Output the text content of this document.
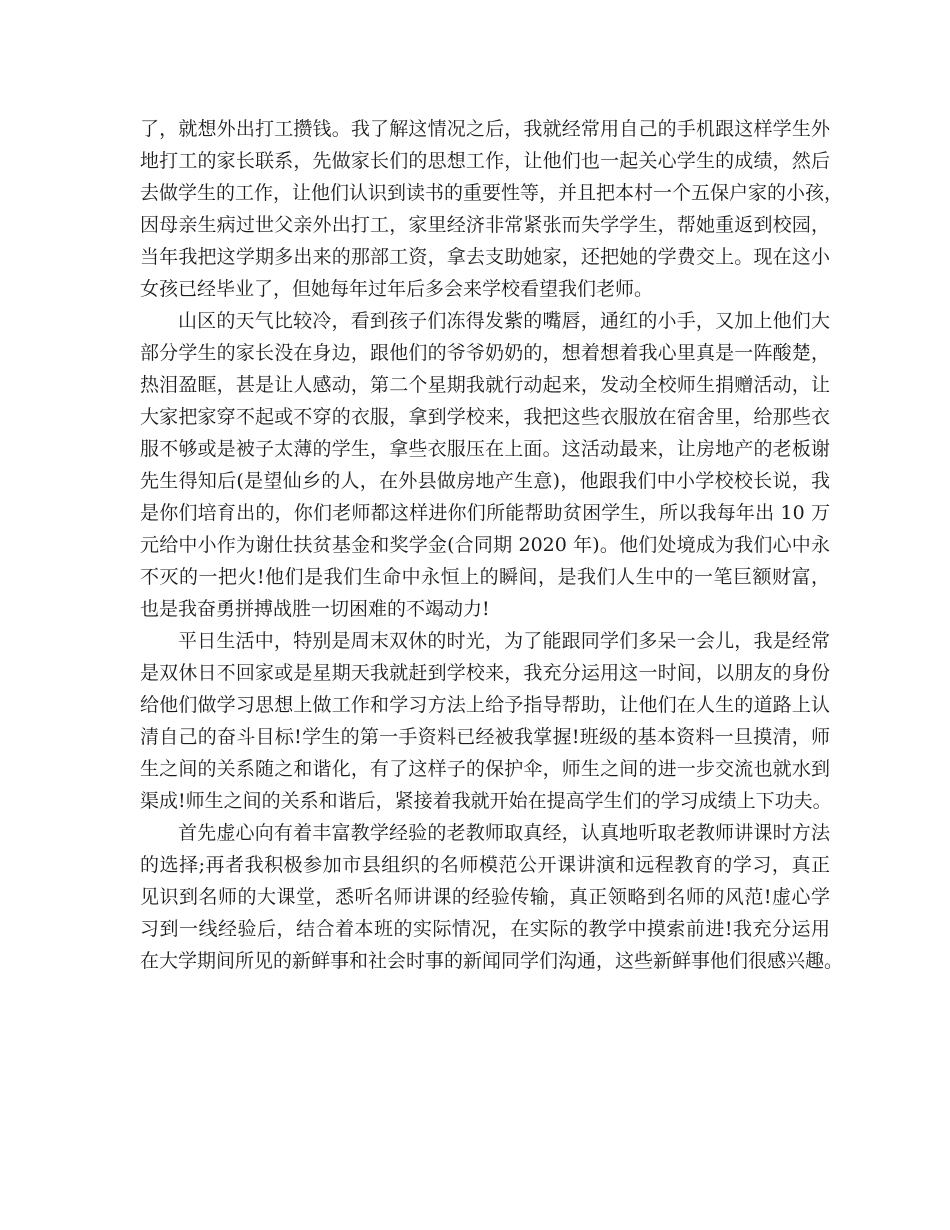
了，就想外出打工攒钱。我了解这情况之后，我就经常用自己的手机跟这样学生外
地打工的家长联系，先做家长们的思想工作，让他们也一起关心学生的成绩，然后
去做学生的工作，让他们认识到读书的重要性等，并且把本村一个五保户家的小孩，
因母亲生病过世父亲外出打工，家里经济非常紧张而失学学生，帮她重返到校园，
当年我把这学期多出来的那部工资，拿去支助她家，还把她的学费交上。现在这小
女孩已经毕业了，但她每年过年后多会来学校看望我们老师。
山区的天气比较冷，看到孩子们冻得发紫的嘴唇，通红的小手，又加上他们大
部分学生的家长没在身边，跟他们的爷爷奶奶的，想着想着我心里真是一阵酸楚，
热泪盈眶，甚是让人感动，第二个星期我就行动起来，发动全校师生捐赠活动，让
大家把家穿不起或不穿的衣服，拿到学校来，我把这些衣服放在宿舍里，给那些衣
服不够或是被子太薄的学生，拿些衣服压在上面。这活动最来，让房地产的老板谢
先生得知后(是望仙乡的人，在外县做房地产生意)，他跟我们中小学校校长说，我
是你们培育出的，你们老师都这样进你们所能帮助贫困学生，所以我每年出 10 万
元给中小作为谢仕扶贫基金和奖学金(合同期 2020 年)。他们处境成为我们心中永
不灭的一把火!他们是我们生命中永恒上的瞬间，是我们人生中的一笔巨额财富，
也是我奋勇拼搏战胜一切困难的不竭动力!
平日生活中，特别是周末双休的时光，为了能跟同学们多呆一会儿，我是经常
是双休日不回家或是星期天我就赶到学校来，我充分运用这一时间，以朋友的身份
给他们做学习思想上做工作和学习方法上给予指导帮助，让他们在人生的道路上认
清自己的奋斗目标!学生的第一手资料已经被我掌握!班级的基本资料一旦摸清，师
生之间的关系随之和谐化，有了这样子的保护伞，师生之间的进一步交流也就水到
渠成!师生之间的关系和谐后，紧接着我就开始在提高学生们的学习成绩上下功夫。
首先虚心向有着丰富教学经验的老教师取真经，认真地听取老教师讲课时方法
的选择;再者我积极参加市县组织的名师模范公开课讲演和远程教育的学习，真正
见识到名师的大课堂，悉听名师讲课的经验传输，真正领略到名师的风范!虚心学
习到一线经验后，结合着本班的实际情况，在实际的教学中摸索前进!我充分运用
在大学期间所见的新鲜事和社会时事的新闻同学们沟通，这些新鲜事他们很感兴趣。
